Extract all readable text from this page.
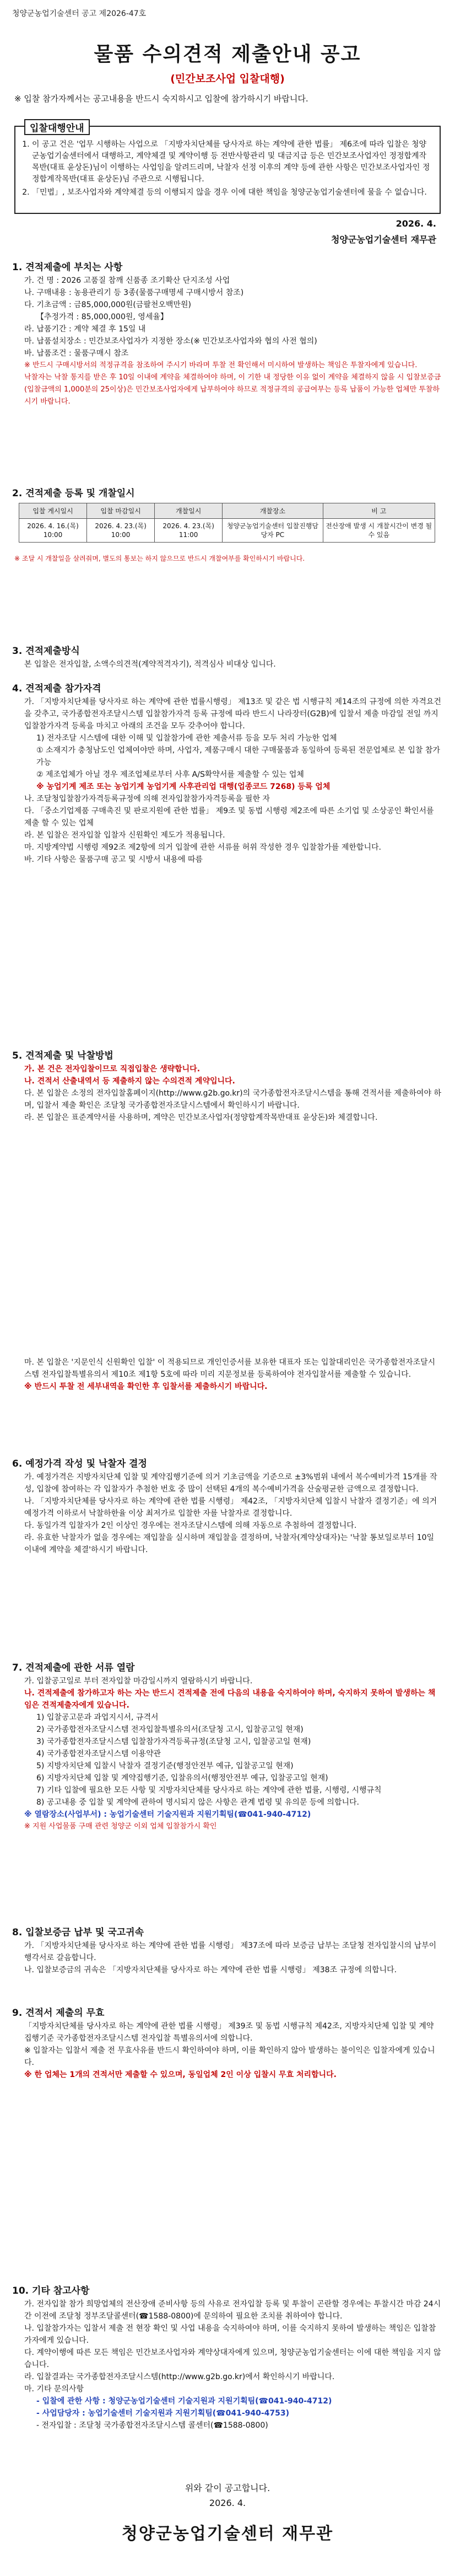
청양군농업기술센터 공고 제2026-47호
물품 수의견적 제출안내 공고
(민간보조사업 입찰대행)
※ 입찰 참가자께서는 공고내용을 반드시 숙지하시고 입찰에 참가하시기 바랍니다.
입찰대행안내
1. 이 공고 건은 '업무 시행하는 사업으로 「지방자치단체를 당사자로 하는 계약에 관한 법률」 제6조에 따라 입찰은 청양군농업기술센터에서 대행하고, 계약체결 및 계약이행 등 전반사항관리 및 대금지급 등은 민간보조사업자인 정정합계작목반(대표 윤상돈)님이 이행하는 사업임을 알려드리며, 낙찰자 선정 이후의 계약 등에 관한 사항은 민간보조사업자인 정정합계작목반(대표 윤상돈)님 주관으로 시행됩니다.
2. 「민법」, 보조사업자와 계약체결 등의 이행되지 않을 경우 이에 대한 책임을 청양군농업기술센터에 물을 수 없습니다.
2026. 4.
청양군농업기술센터 재무관
1. 견적제출에 부치는 사항

가. 건 명 : 2026 고품질 참깨 신품종 조기확산 단지조성 사업

나. 구매내용 : 농용관리기 등 3종(물품구매명세 구매시방서 참조)

다. 기초금액 : 금85,000,000원(금팔천오백만원)

【추정가격 : 85,000,000원, 영세율】

라. 납품기간 : 계약 체결 후 15일 내

마. 납품설치장소 : 민간보조사업자가 지정한 장소(※ 민간보조사업자와 협의 사전 협의)

바. 납품조건 : 물품구매시 참조

※ 반드시 구매시방서의 적정규격을 참조하여 주시기 바라며 투찰 전 확인해서 미시하여 발생하는 책임은 투찰자에게 있습니다.

낙찰자는 낙찰 통지를 받은 후 10일 이내에 계약을 체결하여야 하며, 이 기한 내 정당한 이유 없이 계약을 체결하지 않을 시 입찰보증금(입찰금액의 1,000분의 25이상)은 민간보조사업자에게 납부하여야 하므로 적정규격의 공급여부는 등록 납품이 가능한 업체만 투찰하시기 바랍니다.

2. 견적제출 등록 및 개찰일시
입찰 게시일시	입찰 마감일시	개찰일시	개찰장소	비 고
2026. 4. 16.(목) 10:00	2026. 4. 23.(목) 10:00	2026. 4. 23.(목) 11:00	청양군농업기술센터 입찰진행담당자 PC	전산장애 발생 시 개찰시간이 변경 될 수 있음
※ 조달 시 개찰일을 살려줘며, 별도의 통보는 하지 않으므로 반드시 개찰여부를 확인하시기 바랍니다.
3. 견적제출방식

본 입찰은 전자입찰, 소액수의견적(계약적격자기), 적격심사 비대상 입니다.

4. 견적제출 참가자격

가. 「지방자치단체를 당사자로 하는 계약에 관한 법률시행령」 제13조 및 같은 법 시행규칙 제14조의 규정에 의한 자격요건을 갖추고, 국가종합전자조달시스템 입찰참가자격 등록 규정에 따라 반드시 나라장터(G2B)에 입찰서 제출 마감일 전일 까지 입찰참가자격 등록을 마치고 아래의 조건을 모두 갖추어야 합니다.

1) 전자조달 시스템에 대한 이해 및 입찰참가에 관한 제출서류 등을 모두 처리 가능한 업체

① 소재지가 충청남도인 업체여야만 하며, 사업자, 제품구매시 대한 구매물품과 동일하여 등록된 전문업체로 본 입찰 참가 가능

② 제조업체가 아닐 경우 제조업체로부터 사후 A/S확약서를 제출할 수 있는 업체

※ 농업기계 제조 또는 농업기계 농업기계 사후관리업 대행(업종코드 7268) 등록 업체

나. 조달청입찰참가자격등록규정에 의해 전자입찰참가자격등록을 필한 자

다. 「중소기업제품 구매촉진 및 판로지원에 관한 법률」 제9조 및 동법 시행령 제2조에 따른 소기업 및 소상공인 확인서를 제출 할 수 있는 업체

라. 본 입찰은 전자입찰 입찰자 신원확인 제도가 적용됩니다.

마. 지방계약법 시행령 제92조 제2항에 의거 입찰에 관한 서류를 허위 작성한 경우 입찰참가를 제한합니다.

바. 기타 사항은 물품구매 공고 및 시방서 내용에 따름

5. 견적제출 및 낙찰방법

가. 본 건은 전자입찰이므로 직접입찰은 생략합니다.

나. 견적서 산출내역서 등 제출하지 않는 수의견적 계약입니다.

다. 본 입찰은 소정의 전자입찰홈페이지(http://www.g2b.go.kr)의 국가종합전자조달시스템을 통해 견적서를 제출하여야 하며, 입찰서 제출 확인은 조달청 국가종합전자조달시스템에서 확인하시기 바랍니다.

라. 본 입찰은 표준계약서를 사용하며, 계약은 민간보조사업자(정양합계작목반대표 윤상돈)와 체결합니다.

마. 본 입찰은 '지문인식 신원확인 입찰' 이 적용되므로 개인인증서를 보유한 대표자 또는 입찰대리인은 국가종합전자조달시스템 전자입찰특별유의서 제10조 제1항 5호에 따라 미리 지문정보를 등록하여야 전자입찰서를 제출할 수 있습니다.

※ 반드시 투찰 전 세부내역을 확인한 후 입찰서를 제출하시기 바랍니다.

6. 예정가격 작성 및 낙찰자 결정

가. 예정가격은 지방자치단체 입찰 및 계약집행기준에 의거 기초금액을 기준으로 ±3%범위 내에서 복수예비가격 15개를 작성, 입찰에 참여하는 각 입찰자가 추첨한 번호 중 많이 선택된 4개의 복수예비가격을 산술평균한 금액으로 결정합니다.

나. 「지방자치단체를 당사자로 하는 계약에 관한 법률 시행령」 제42조, 「지방자치단체 입찰시 낙찰자 결정기준」에 의거 예정가격 이하로서 낙찰하한율 이상 최저가로 입찰한 자를 낙찰자로 결정합니다.

다. 동일가격 입찰자가 2인 이상인 경우에는 전자조달시스템에 의해 자동으로 추첨하여 결정합니다.

라. 유효한 낙찰자가 없을 경우에는 재입찰을 실시하며 재입찰을 결정하며, 낙찰자(계약상대자)는 '낙찰 통보일로부터 10일 이내에 계약을 체결'하시기 바랍니다.

7. 견적제출에 관한 서류 열람

가. 입찰공고일로 부터 전자입찰 마감일시까지 열람하시기 바랍니다.

나. 견적제출에 참가하고자 하는 자는 반드시 견적제출 전에 다음의 내용을 숙지하여야 하며, 숙지하지 못하여 발생하는 책임은 견적제출자에게 있습니다.

1) 입찰공고문과 과업지시서, 규격서

2) 국가종합전자조달시스템 전자입찰특별유의서(조달청 고시, 입찰공고일 현재)

3) 국가종합전자조달시스템 입찰참가자격등록규정(조달청 고시, 입찰공고일 현재)

4) 국가종합전자조달시스템 이용약관

5) 지방자치단체 입찰시 낙찰자 결정기준(행정안전부 예규, 입찰공고일 현재)

6) 지방자치단체 입찰 및 계약집행기준, 입찰유의서(행정안전부 예규, 입찰공고일 현재)

7) 기타 입찰에 필요한 모든 사항 및 지방자치단체를 당사자로 하는 계약에 관한 법률, 시행령, 시행규칙

8) 공고내용 중 입찰 및 계약에 관하여 명시되지 않은 사항은 관계 법령 및 유의문 등에 의합니다.

※ 열람장소(사업부서) : 농업기술센터 기술지원과 지원기획팀(☎041-940-4712)

※ 지원 사업물품 구매 관련 청양군 이외 업체 입찰참가시 확인

8. 입찰보증금 납부 및 국고귀속

가. 「지방자치단체를 당사자로 하는 계약에 관한 법률 시행령」 제37조에 따라 보증금 납부는 조달청 전자입찰시의 납부이행각서로 갈음합니다.

나. 입찰보증금의 귀속은 「지방자치단체를 당사자로 하는 계약에 관한 법률 시행령」 제38조 규정에 의합니다.

9. 견적서 제출의 무효

「지방자치단체를 당사자로 하는 계약에 관한 법률 시행령」 제39조 및 동법 시행규칙 제42조, 지방자치단체 입찰 및 계약 집행기준 국가종합전자조달시스템 전자입찰 특별유의서에 의합니다.

※ 입찰자는 입찰서 제출 전 무효사유를 반드시 확인하여야 하며, 이를 확인하지 않아 발생하는 불이익은 입찰자에게 있습니다.

※ 한 업체는 1개의 견적서만 제출할 수 있으며, 동일업체 2인 이상 입찰시 무효 처리합니다.

10. 기타 참고사항

가. 전자입찰 참가 희망업체의 전산장애 준비사항 등의 사유로 전자입찰 등록 및 투찰이 곤란할 경우에는 투찰시간 마감 24시간 이전에 조달청 정부조달콜센터(☎1588-0800)에 문의하여 필요한 조치를 취하여야 합니다.

나. 입찰참가자는 입찰서 제출 전 현장 확인 및 사업 내용을 숙지하여야 하며, 이를 숙지하지 못하여 발생하는 책임은 입찰참가자에게 있습니다.

다. 계약이행에 따른 모든 책임은 민간보조사업자와 계약상대자에게 있으며, 청양군농업기술센터는 이에 대한 책임을 지지 않습니다.

라. 입찰결과는 국가종합전자조달시스템(http://www.g2b.go.kr)에서 확인하시기 바랍니다.

마. 기타 문의사항

- 입찰에 관한 사항 : 청양군농업기술센터 기술지원과 지원기획팀(☎041-940-4712)

- 사업담당자 : 농업기술센터 기술지원과 지원기획팀(☎041-940-4753)

- 전자입찰 : 조달청 국가종합전자조달시스템 콜센터(☎1588-0800)

위와 같이 공고합니다.
2026. 4.
청양군농업기술센터 재무관
